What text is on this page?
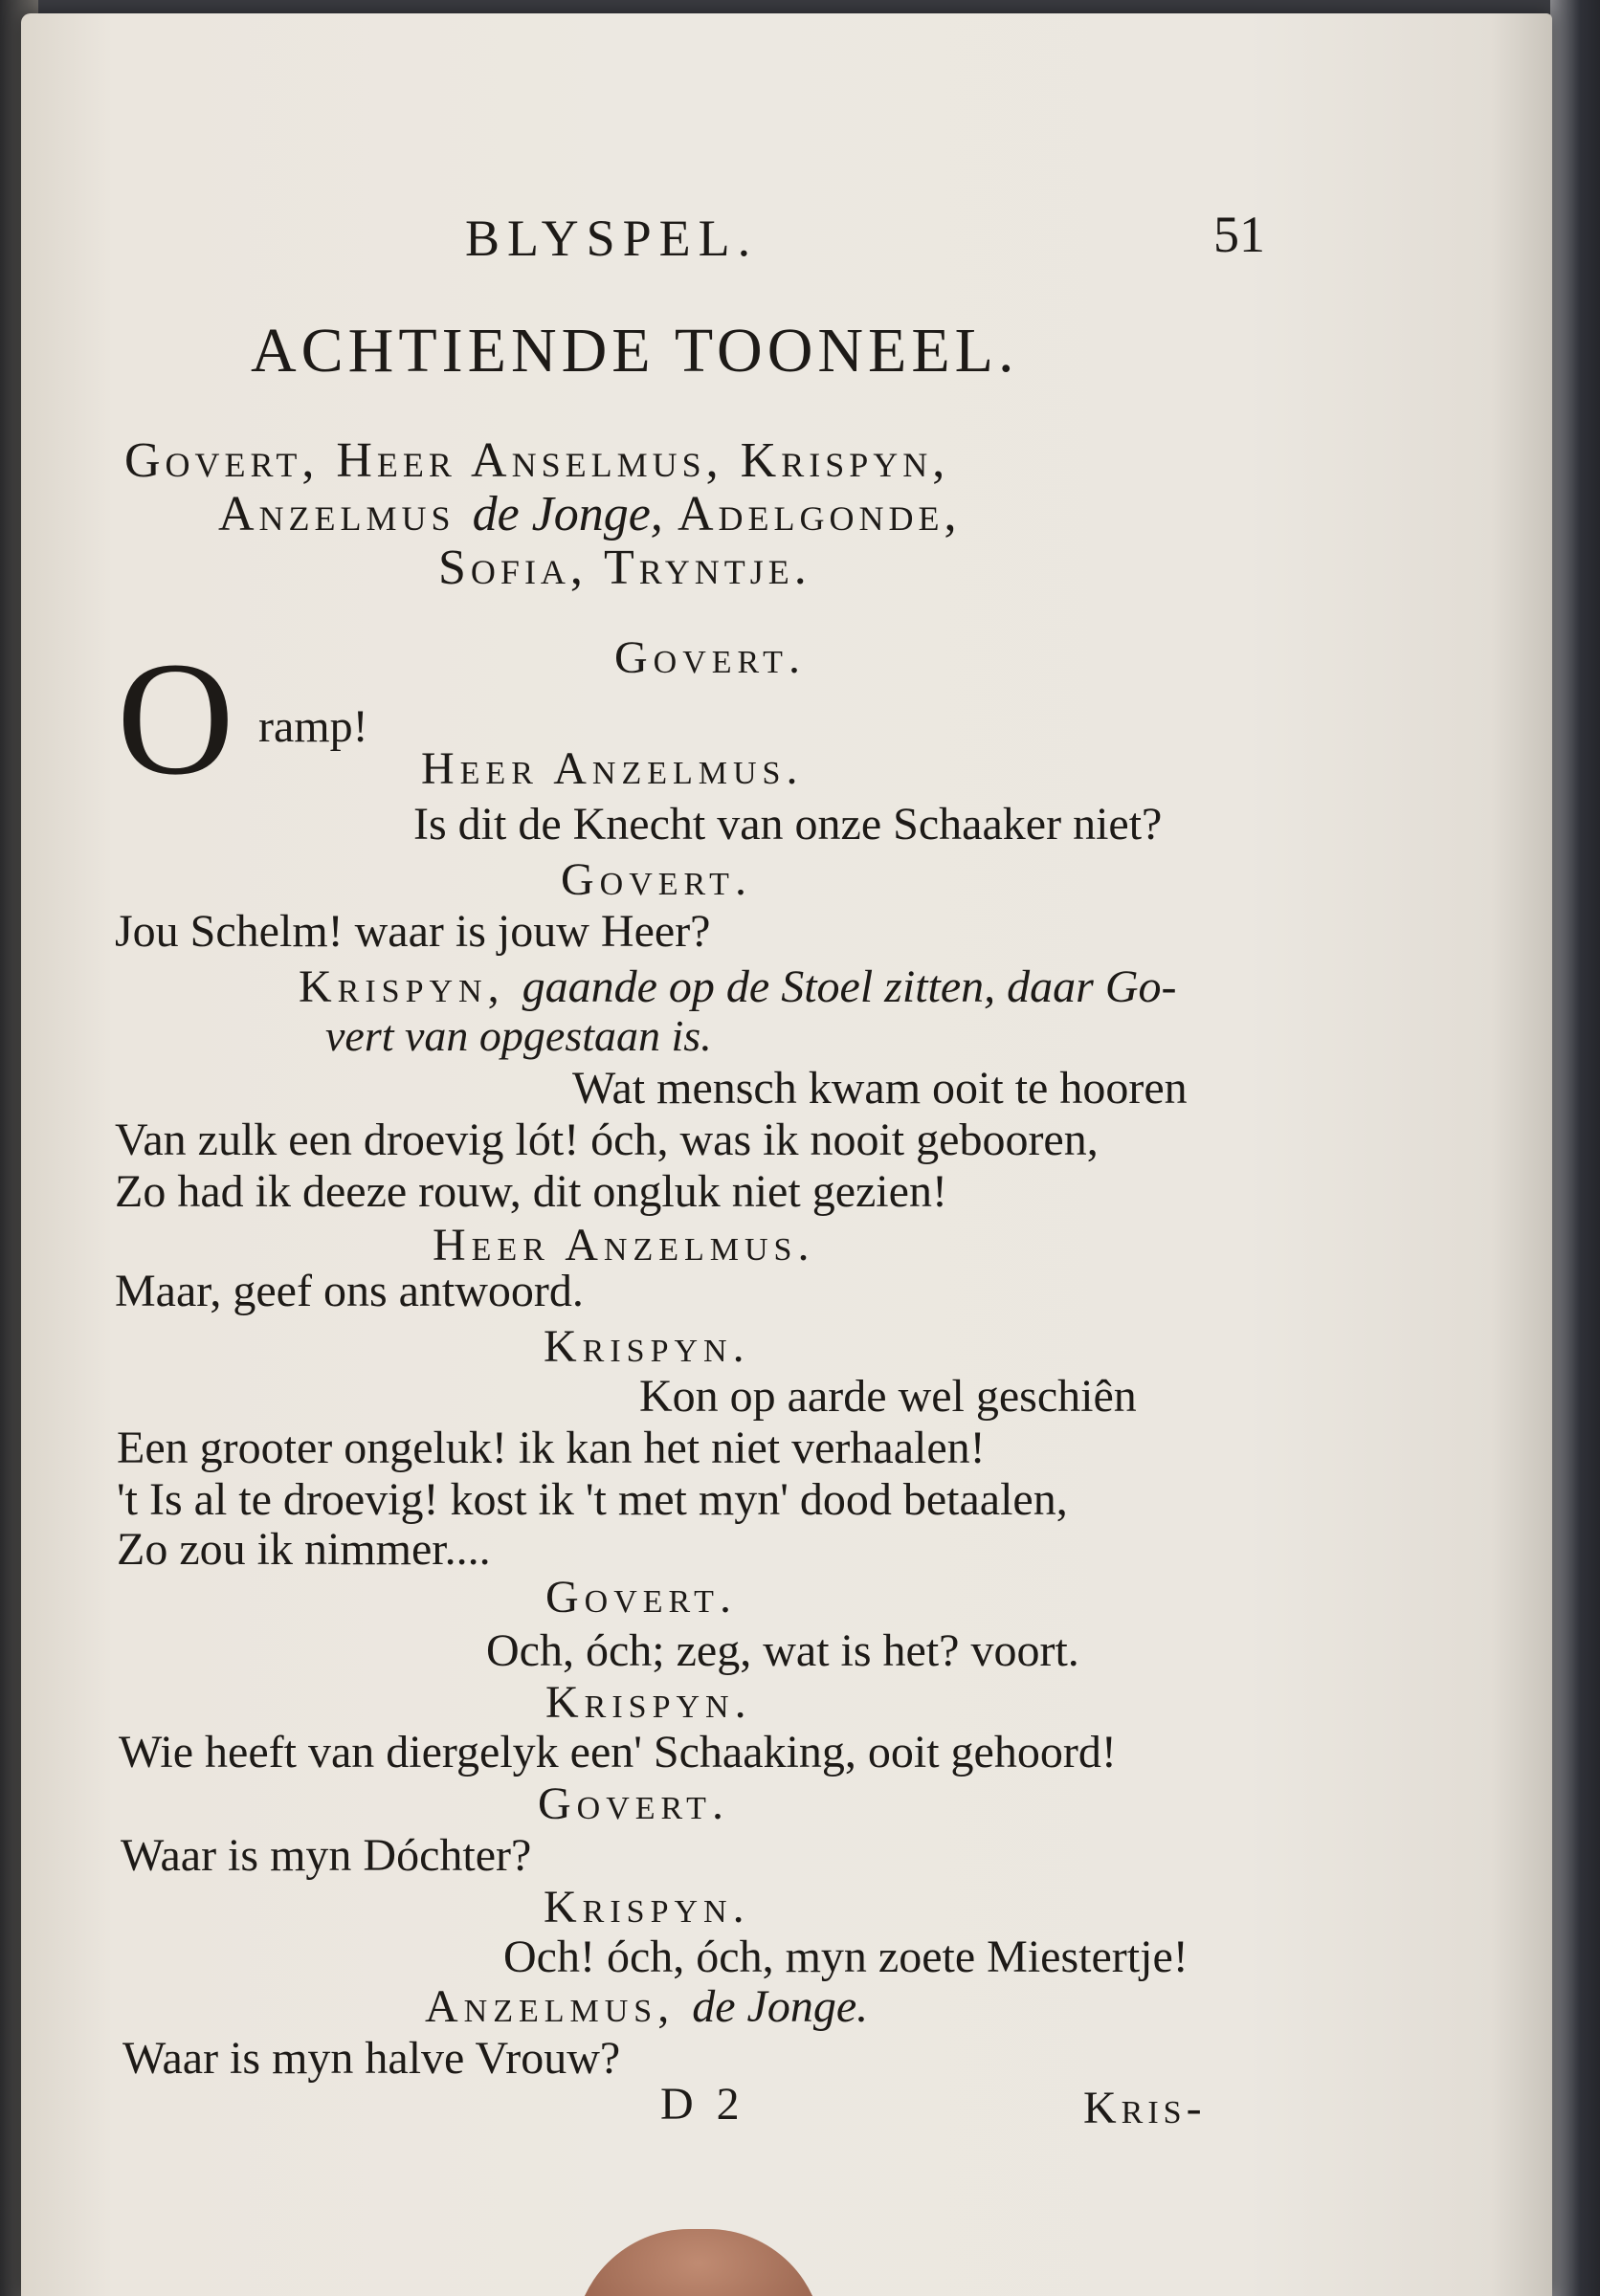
BLYSPEL.	51
ACHTIENDE TOONEEL.
Govert, Heer Anselmus, Krispyn,
Anzelmus de Jonge, Adelgonde,
Sofia, Tryntje.
Govert.
O ramp!
Heer Anzelmus.
Is dit de Knecht van onze Schaaker niet?
Govert.
Jou Schelm! waar is jouw Heer?
Krispyn, gaande op de Stoel zitten, daar Go-
vert van opgestaan is.
Wat mensch kwam ooit te hooren
Van zulk een droevig lót! óch, was ik nooit gebooren,
Zo had ik deeze rouw, dit ongluk niet gezien!
Heer Anzelmus.
Maar, geef ons antwoord.
Krispyn.
Kon op aarde wel geschiên
Een grooter ongeluk! ik kan het niet verhaalen!
't Is al te droevig! kost ik 't met myn' dood betaalen,
Zo zou ik nimmer....
Govert.
Och, óch; zeg, wat is het? voort.
Krispyn.
Wie heeft van diergelyk een' Schaaking, ooit gehoord!
Govert.
Waar is myn Dóchter?
Krispyn.
Och! óch, óch, myn zoete Miestertje!
Anzelmus, de Jonge.
Waar is myn halve Vrouw?
D 2	Kris-
